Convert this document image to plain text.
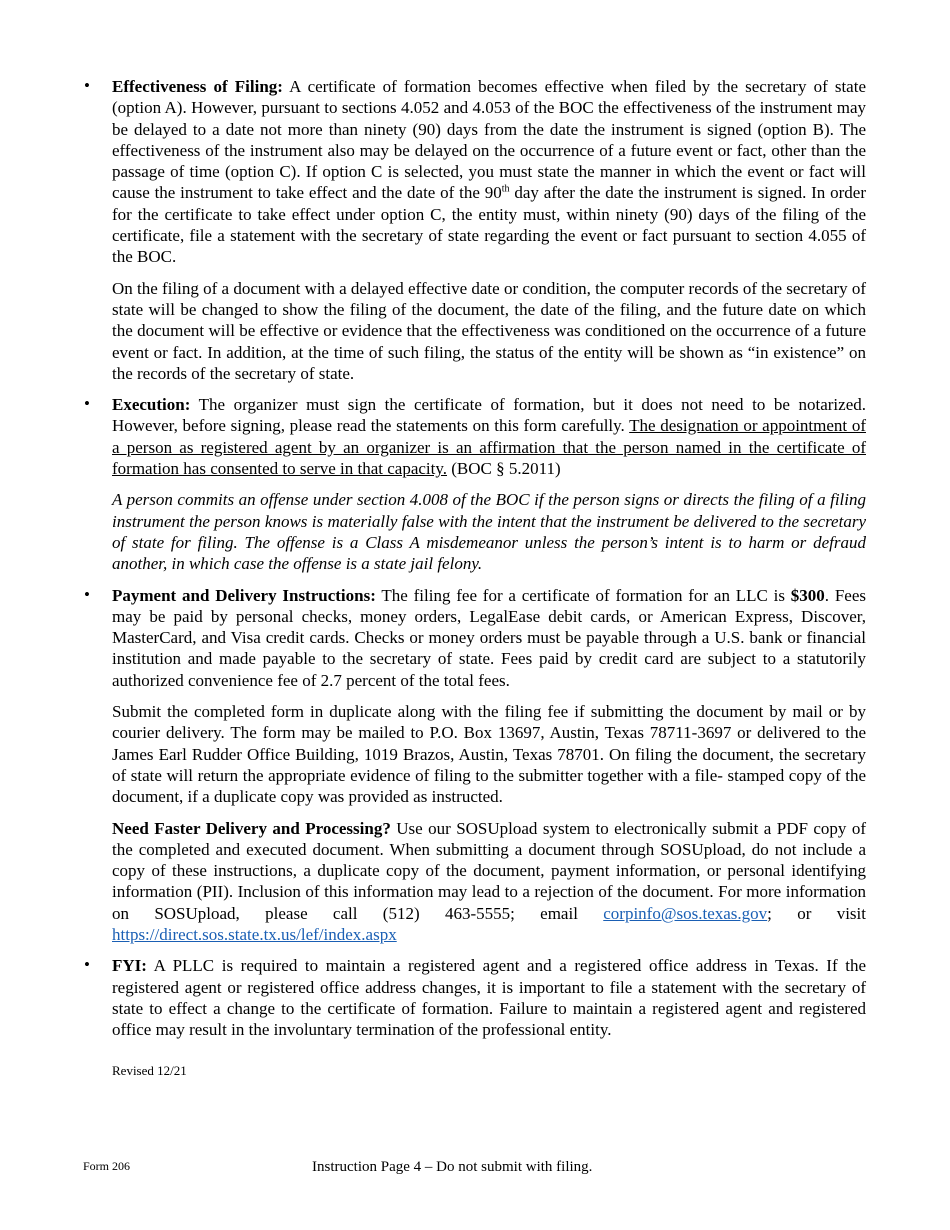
• Effectiveness of Filing: A certificate of formation becomes effective when filed by the secretary of state (option A). However, pursuant to sections 4.052 and 4.053 of the BOC the effectiveness of the instrument may be delayed to a date not more than ninety (90) days from the date the instrument is signed (option B). The effectiveness of the instrument also may be delayed on the occurrence of a future event or fact, other than the passage of time (option C). If option C is selected, you must state the manner in which the event or fact will cause the instrument to take effect and the date of the 90th day after the date the instrument is signed. In order for the certificate to take effect under option C, the entity must, within ninety (90) days of the filing of the certificate, file a statement with the secretary of state regarding the event or fact pursuant to section 4.055 of the BOC.

On the filing of a document with a delayed effective date or condition, the computer records of the secretary of state will be changed to show the filing of the document, the date of the filing, and the future date on which the document will be effective or evidence that the effectiveness was conditioned on the occurrence of a future event or fact. In addition, at the time of such filing, the status of the entity will be shown as “in existence” on the records of the secretary of state.

• Execution: The organizer must sign the certificate of formation, but it does not need to be notarized. However, before signing, please read the statements on this form carefully. The designation or appointment of a person as registered agent by an organizer is an affirmation that the person named in the certificate of formation has consented to serve in that capacity. (BOC § 5.2011)

A person commits an offense under section 4.008 of the BOC if the person signs or directs the filing of a filing instrument the person knows is materially false with the intent that the instrument be delivered to the secretary of state for filing. The offense is a Class A misdemeanor unless the person’s intent is to harm or defraud another, in which case the offense is a state jail felony.

• Payment and Delivery Instructions: The filing fee for a certificate of formation for an LLC is $300. Fees may be paid by personal checks, money orders, LegalEase debit cards, or American Express, Discover, MasterCard, and Visa credit cards. Checks or money orders must be payable through a U.S. bank or financial institution and made payable to the secretary of state. Fees paid by credit card are subject to a statutorily authorized convenience fee of 2.7 percent of the total fees.

Submit the completed form in duplicate along with the filing fee if submitting the document by mail or by courier delivery. The form may be mailed to P.O. Box 13697, Austin, Texas 78711-3697 or delivered to the James Earl Rudder Office Building, 1019 Brazos, Austin, Texas 78701. On filing the document, the secretary of state will return the appropriate evidence of filing to the submitter together with a file- stamped copy of the document, if a duplicate copy was provided as instructed.

Need Faster Delivery and Processing? Use our SOSUpload system to electronically submit a PDF copy of the completed and executed document. When submitting a document through SOSUpload, do not include a copy of these instructions, a duplicate copy of the document, payment information, or personal identifying information (PII). Inclusion of this information may lead to a rejection of the document. For more information on SOSUpload, please call (512) 463-5555; email corpinfo@sos.texas.gov; or visit https://direct.sos.state.tx.us/lef/index.aspx

• FYI: A PLLC is required to maintain a registered agent and a registered office address in Texas. If the registered agent or registered office address changes, it is important to file a statement with the secretary of state to effect a change to the certificate of formation. Failure to maintain a registered agent and registered office may result in the involuntary termination of the professional entity.

Revised 12/21
Form 206	Instruction Page 4 – Do not submit with filing.
